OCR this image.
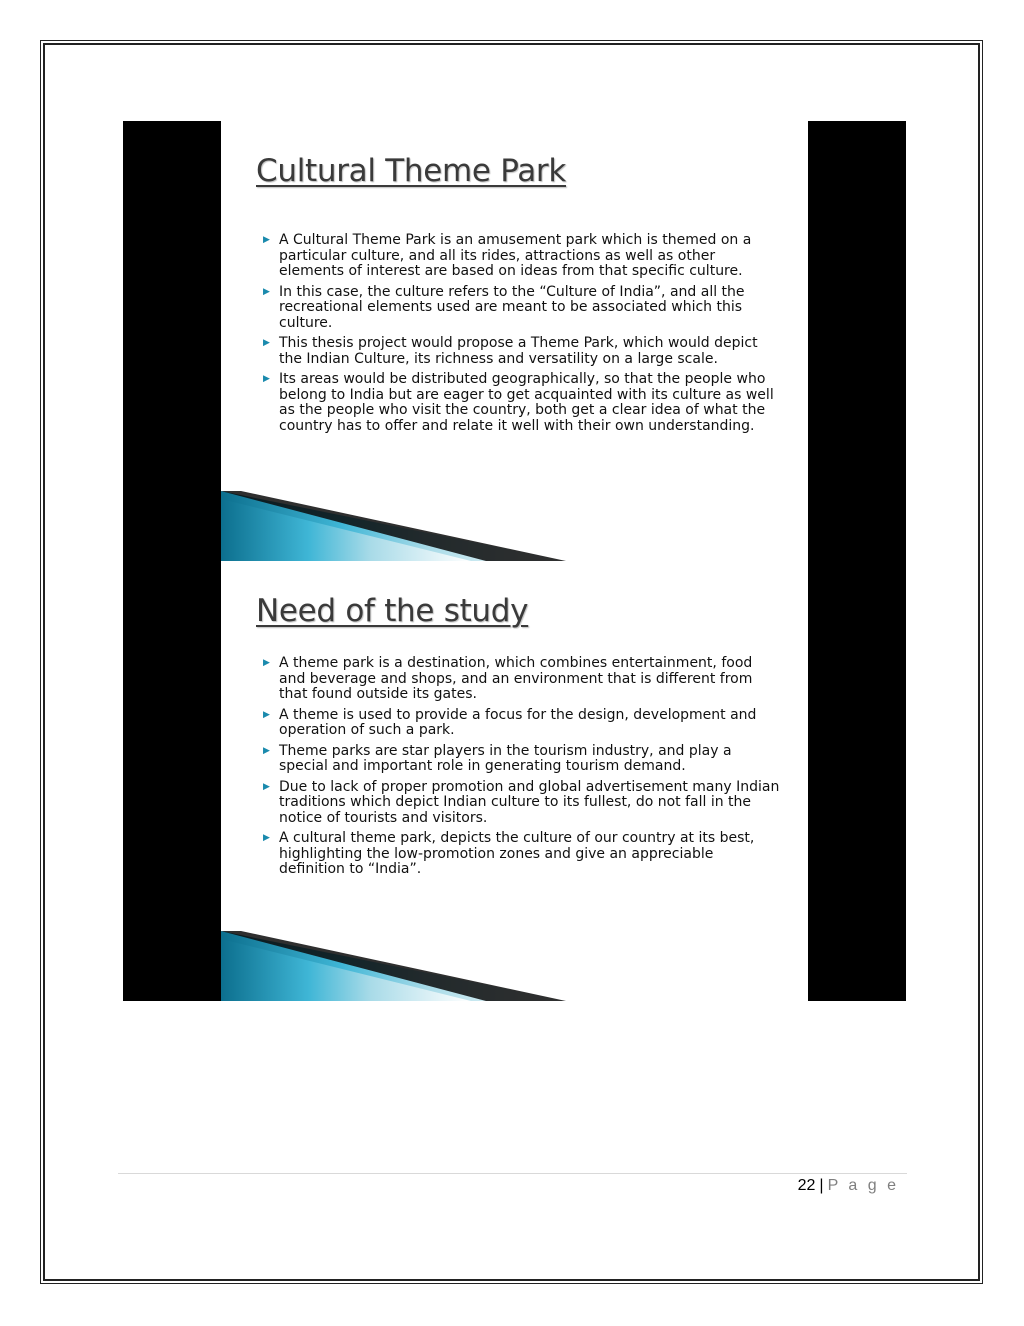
Cultural Theme Park
▶ A Cultural Theme Park is an amusement park which is themed on a particular culture, and all its rides, attractions as well as other elements of interest are based on ideas from that specific culture.
▶ In this case, the culture refers to the “Culture of India”, and all the recreational elements used are meant to be associated which this culture.
▶ This thesis project would propose a Theme Park, which would depict the Indian Culture, its richness and versatility on a large scale.
▶ Its areas would be distributed geographically, so that the people who belong to India but are eager to get acquainted with its culture as well as the people who visit the country, both get a clear idea of what the country has to offer and relate it well with their own understanding.
Need of the study
▶ A theme park is a destination, which combines entertainment, food and beverage and shops, and an environment that is different from that found outside its gates.
▶ A theme is used to provide a focus for the design, development and operation of such a park.
▶ Theme parks are star players in the tourism industry, and play a special and important role in generating tourism demand.
▶ Due to lack of proper promotion and global advertisement many Indian traditions which depict Indian culture to its fullest, do not fall in the notice of tourists and visitors.
▶ A cultural theme park, depicts the culture of our country at its best, highlighting the low-promotion zones and give an appreciable definition to “India”.
22 | P a g e
